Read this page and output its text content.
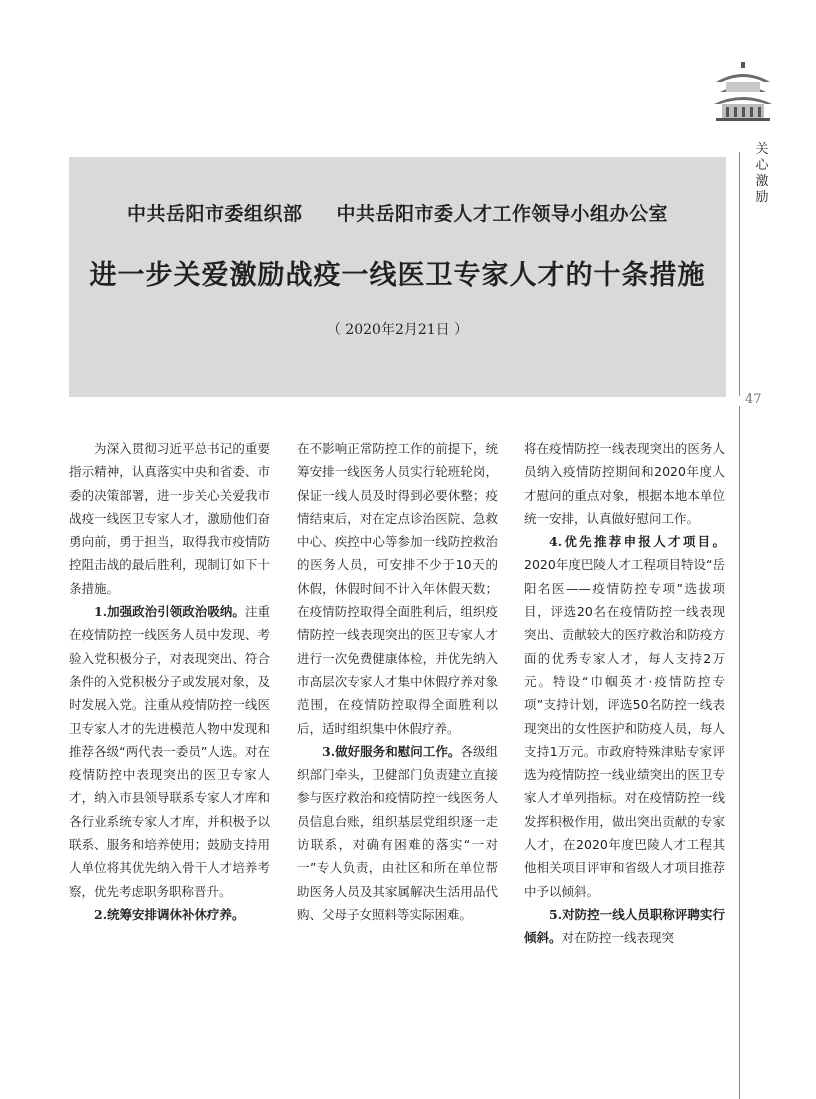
关心激励
47
中共岳阳市委组织部 中共岳阳市委人才工作领导小组办公室
进一步关爱激励战疫一线医卫专家人才的十条措施
（ 2020年2月21日 ）

为深入贯彻习近平总书记的重要指示精神，认真落实中央和省委、市委的决策部署，进一步关心关爱我市战疫一线医卫专家人才，激励他们奋勇向前，勇于担当，取得我市疫情防控阻击战的最后胜利，现制订如下十条措施。

1.加强政治引领政治吸纳。注重在疫情防控一线医务人员中发现、考验入党积极分子，对表现突出、符合条件的入党积极分子或发展对象，及时发展入党。注重从疫情防控一线医卫专家人才的先进模范人物中发现和推荐各级“两代表一委员”人选。对在疫情防控中表现突出的医卫专家人才，纳入市县领导联系专家人才库和各行业系统专家人才库，并积极予以联系、服务和培养使用；鼓励支持用人单位将其优先纳入骨干人才培养考察，优先考虑职务职称晋升。

2.统筹安排调休补休疗养。

在不影响正常防控工作的前提下，统筹安排一线医务人员实行轮班轮岗，保证一线人员及时得到必要休整；疫情结束后，对在定点诊治医院、急救中心、疾控中心等参加一线防控救治的医务人员，可安排不少于10天的休假，休假时间不计入年休假天数；在疫情防控取得全面胜利后，组织疫情防控一线表现突出的医卫专家人才进行一次免费健康体检，并优先纳入市高层次专家人才集中休假疗养对象范围，在疫情防控取得全面胜利以后，适时组织集中休假疗养。

3.做好服务和慰问工作。各级组织部门牵头，卫健部门负责建立直接参与医疗救治和疫情防控一线医务人员信息台账，组织基层党组织逐一走访联系，对确有困难的落实“一对一”专人负责，由社区和所在单位帮助医务人员及其家属解决生活用品代购、父母子女照料等实际困难。

将在疫情防控一线表现突出的医务人员纳入疫情防控期间和2020年度人才慰问的重点对象，根据本地本单位统一安排，认真做好慰问工作。

4.优先推荐申报人才项目。2020年度巴陵人才工程项目特设“岳阳名医——疫情防控专项”选拔项目，评选20名在疫情防控一线表现突出、贡献较大的医疗救治和防疫方面的优秀专家人才，每人支持2万元。特设“巾帼英才·疫情防控专项”支持计划，评选50名防控一线表现突出的女性医护和防疫人员，每人支持1万元。市政府特殊津贴专家评选为疫情防控一线业绩突出的医卫专家人才单列指标。对在疫情防控一线发挥积极作用，做出突出贡献的专家人才，在2020年度巴陵人才工程其他相关项目评审和省级人才项目推荐中予以倾斜。

5.对防控一线人员职称评聘实行倾斜。对在防控一线表现突
